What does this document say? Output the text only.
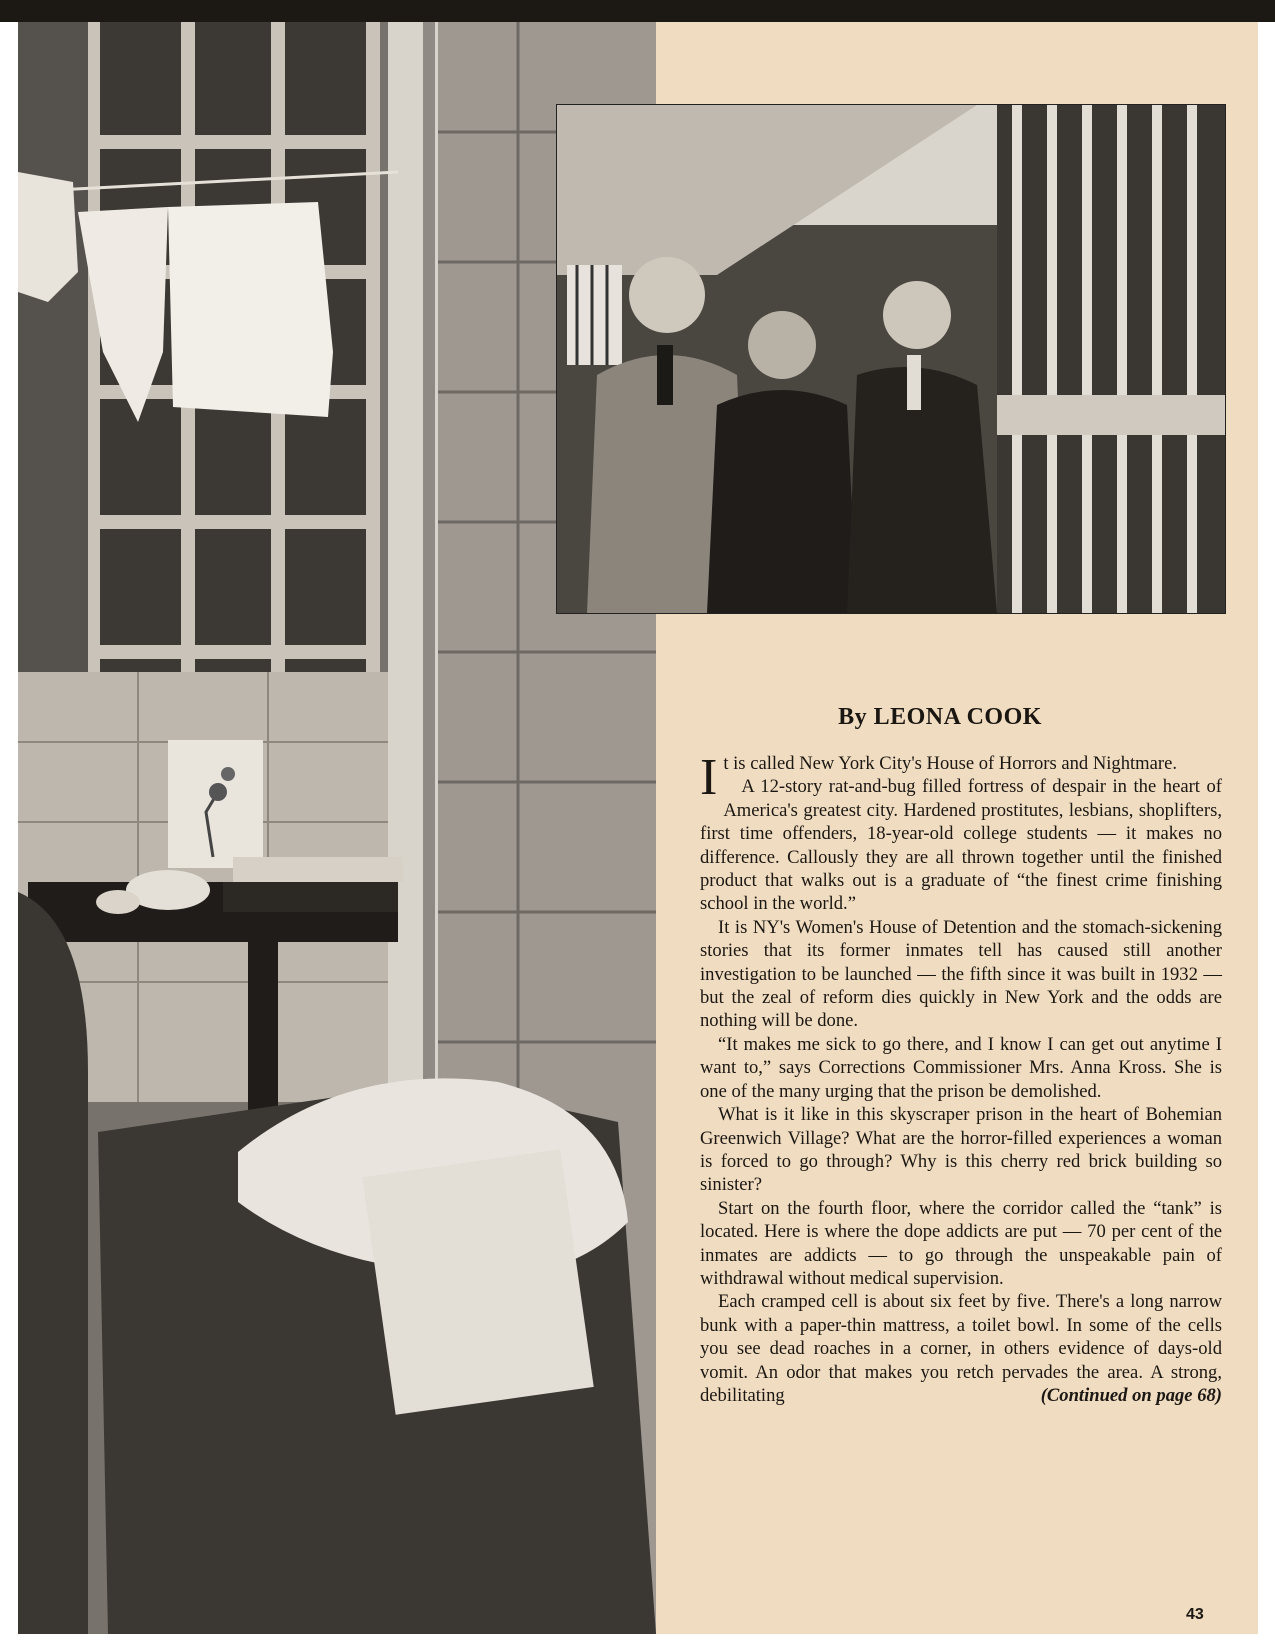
By LEONA COOK

It is called New York City's House of Horrors and Nightmare.

A 12-story rat-and-bug filled fortress of despair in the heart of America's greatest city. Hardened prostitutes, lesbians, shoplifters, first time offenders, 18-year-old college students — it makes no difference. Callously they are all thrown together until the finished product that walks out is a graduate of “the finest crime finishing school in the world.”

It is NY's Women's House of Detention and the stomach-sickening stories that its former inmates tell has caused still another investigation to be launched — the fifth since it was built in 1932 — but the zeal of reform dies quickly in New York and the odds are nothing will be done.

“It makes me sick to go there, and I know I can get out anytime I want to,” says Corrections Commissioner Mrs. Anna Kross. She is one of the many urging that the prison be demolished.

What is it like in this skyscraper prison in the heart of Bohemian Greenwich Village? What are the horror-filled experiences a woman is forced to go through? Why is this cherry red brick building so sinister?

Start on the fourth floor, where the corridor called the “tank” is located. Here is where the dope addicts are put — 70 per cent of the inmates are addicts — to go through the unspeakable pain of withdrawal without medical supervision.

Each cramped cell is about six feet by five. There's a long narrow bunk with a paper-thin mattress, a toilet bowl. In some of the cells you see dead roaches in a corner, in others evidence of days-old vomit. An odor that makes you retch pervades the area. A strong, debilitating	(Continued on page 68)

43
